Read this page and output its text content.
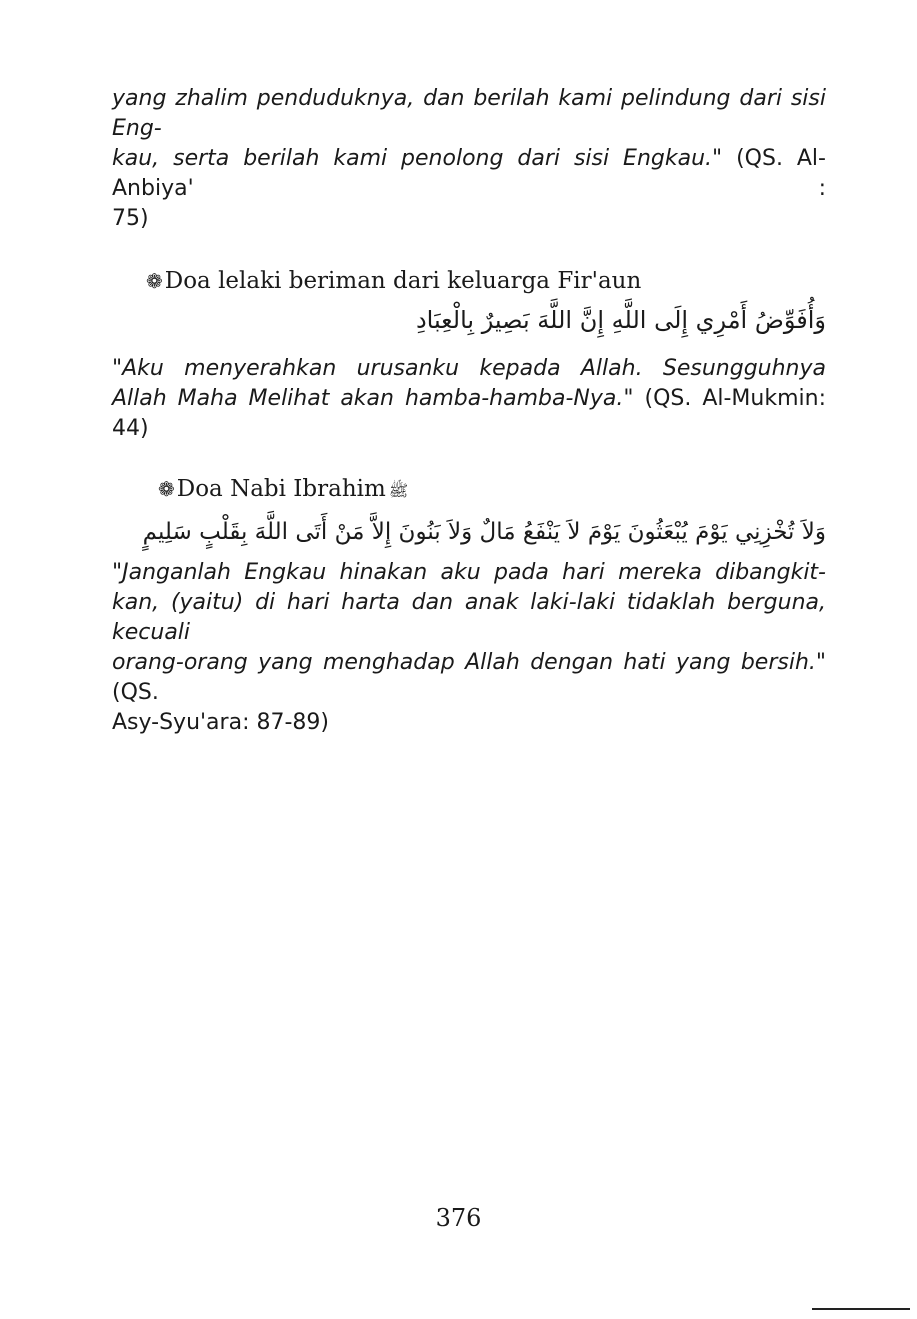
yang zhalim penduduknya, dan berilah kami pelindung dari sisi Eng-

kau, serta berilah kami penolong dari sisi Engkau." (QS. Al-Anbiya' :

75)

❁Doa lelaki beriman dari keluarga Fir'aun

وَأُفَوِّضُ أَمْرِي إِلَى اللَّهِ إِنَّ اللَّهَ بَصِيرٌ بِالْعِبَادِ

"Aku menyerahkan urusanku kepada Allah. Sesungguhnya

Allah Maha Melihat akan hamba-hamba-Nya." (QS. Al-Mukmin: 44)

❁Doa Nabi Ibrahim ﷺ

وَلاَ تُخْزِنِي يَوْمَ يُبْعَثُونَ يَوْمَ لاَ يَنْفَعُ مَالٌ وَلاَ بَنُونَ إِلاَّ مَنْ أَتَى اللَّهَ بِقَلْبٍ سَلِيمٍ

"Janganlah Engkau hinakan aku pada hari mereka dibangkit-

kan, (yaitu) di hari harta dan anak laki-laki tidaklah berguna, kecuali

orang-orang yang menghadap Allah dengan hati yang bersih." (QS.

Asy-Syu'ara: 87-89)

376
